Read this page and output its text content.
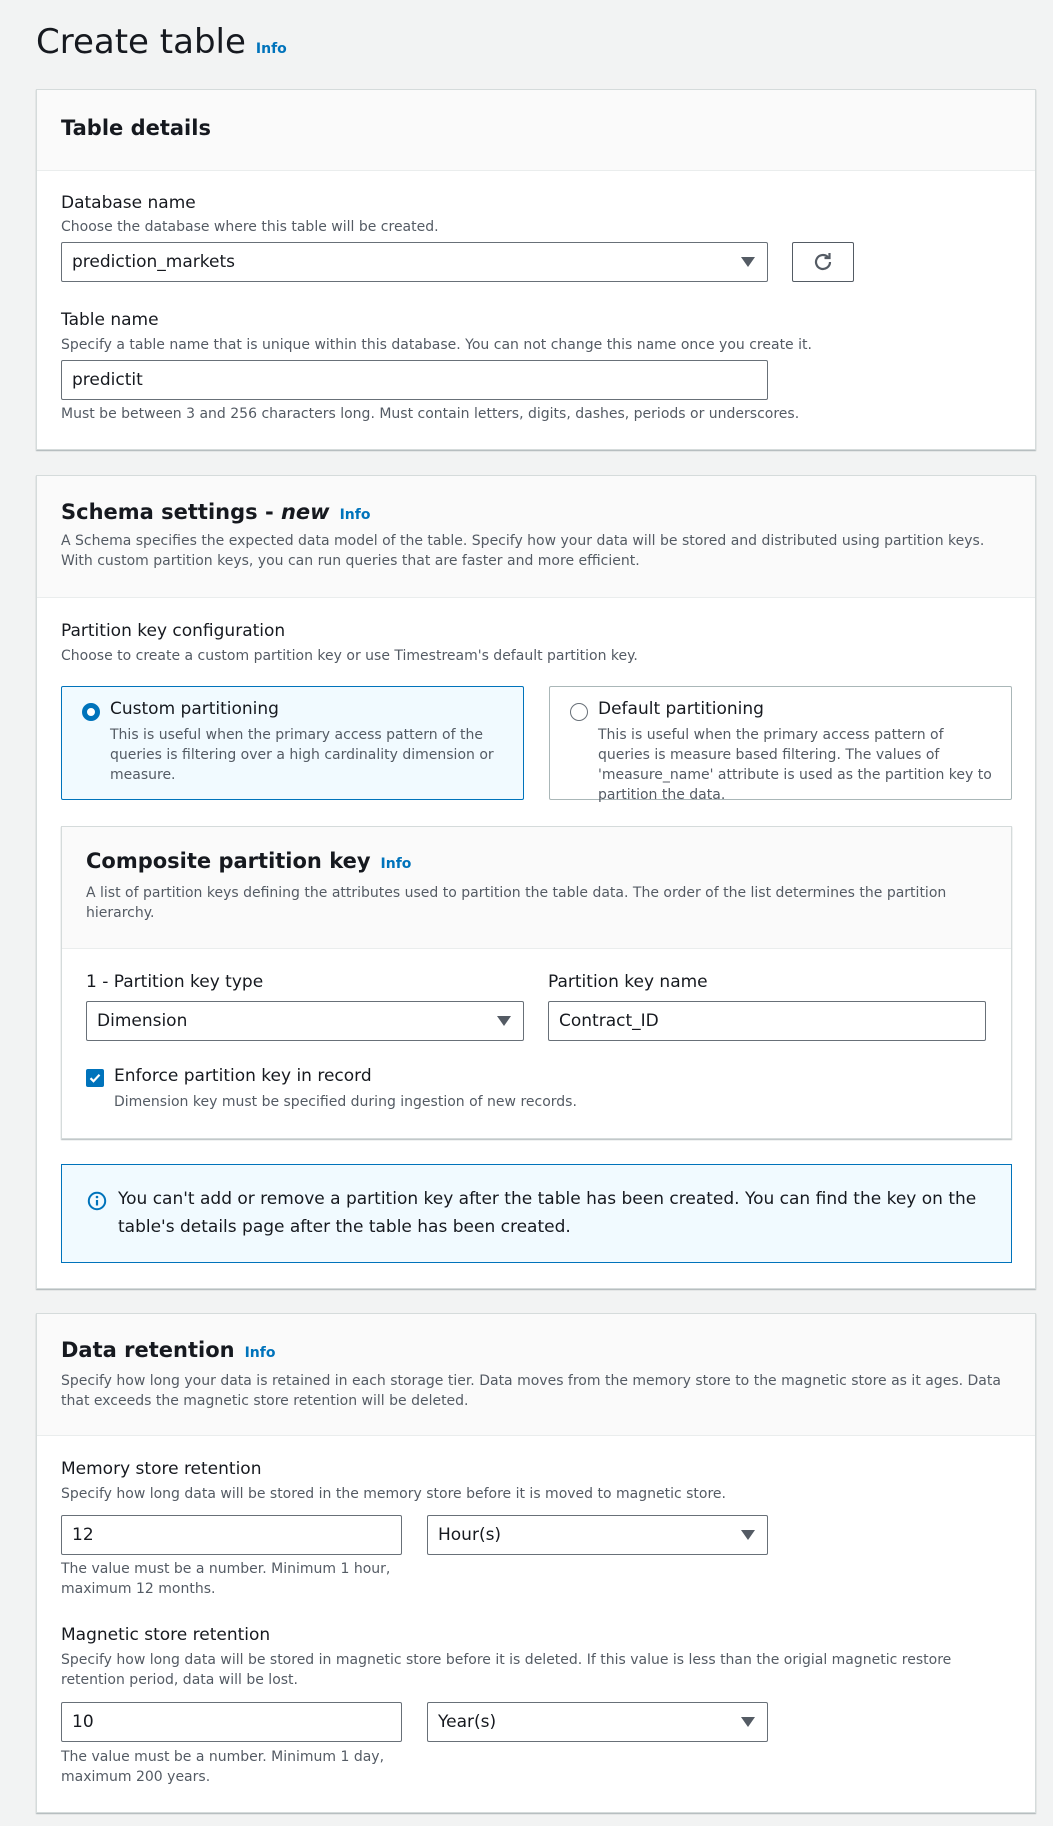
Create table Info
Table details
Database name
Choose the database where this table will be created.
prediction_markets
Table name
Specify a table name that is unique within this database. You can not change this name once you create it.
predictit
Must be between 3 and 256 characters long. Must contain letters, digits, dashes, periods or underscores.
Schema settings - new Info
A Schema specifies the expected data model of the table. Specify how your data will be stored and distributed using partition keys. With custom partition keys, you can run queries that are faster and more efficient.
Partition key configuration
Choose to create a custom partition key or use Timestream's default partition key.
Custom partitioning
This is useful when the primary access pattern of the queries is filtering over a high cardinality dimension or measure.
Default partitioning
This is useful when the primary access pattern of queries is measure based filtering. The values of 'measure_name' attribute is used as the partition key to partition the data.
Composite partition key Info
A list of partition keys defining the attributes used to partition the table data. The order of the list determines the partition hierarchy.
1 - Partition key type
Dimension
Partition key name
Contract_ID
Enforce partition key in record
Dimension key must be specified during ingestion of new records.
You can't add or remove a partition key after the table has been created. You can find the key on the table's details page after the table has been created.
Data retention Info
Specify how long your data is retained in each storage tier. Data moves from the memory store to the magnetic store as it ages. Data that exceeds the magnetic store retention will be deleted.
Memory store retention
Specify how long data will be stored in the memory store before it is moved to magnetic store.
12	Hour(s)
The value must be a number. Minimum 1 hour,
maximum 12 months.
Magnetic store retention
Specify how long data will be stored in magnetic store before it is deleted. If this value is less than the origial magnetic restore retention period, data will be lost.
10	Year(s)
The value must be a number. Minimum 1 day,
maximum 200 years.
